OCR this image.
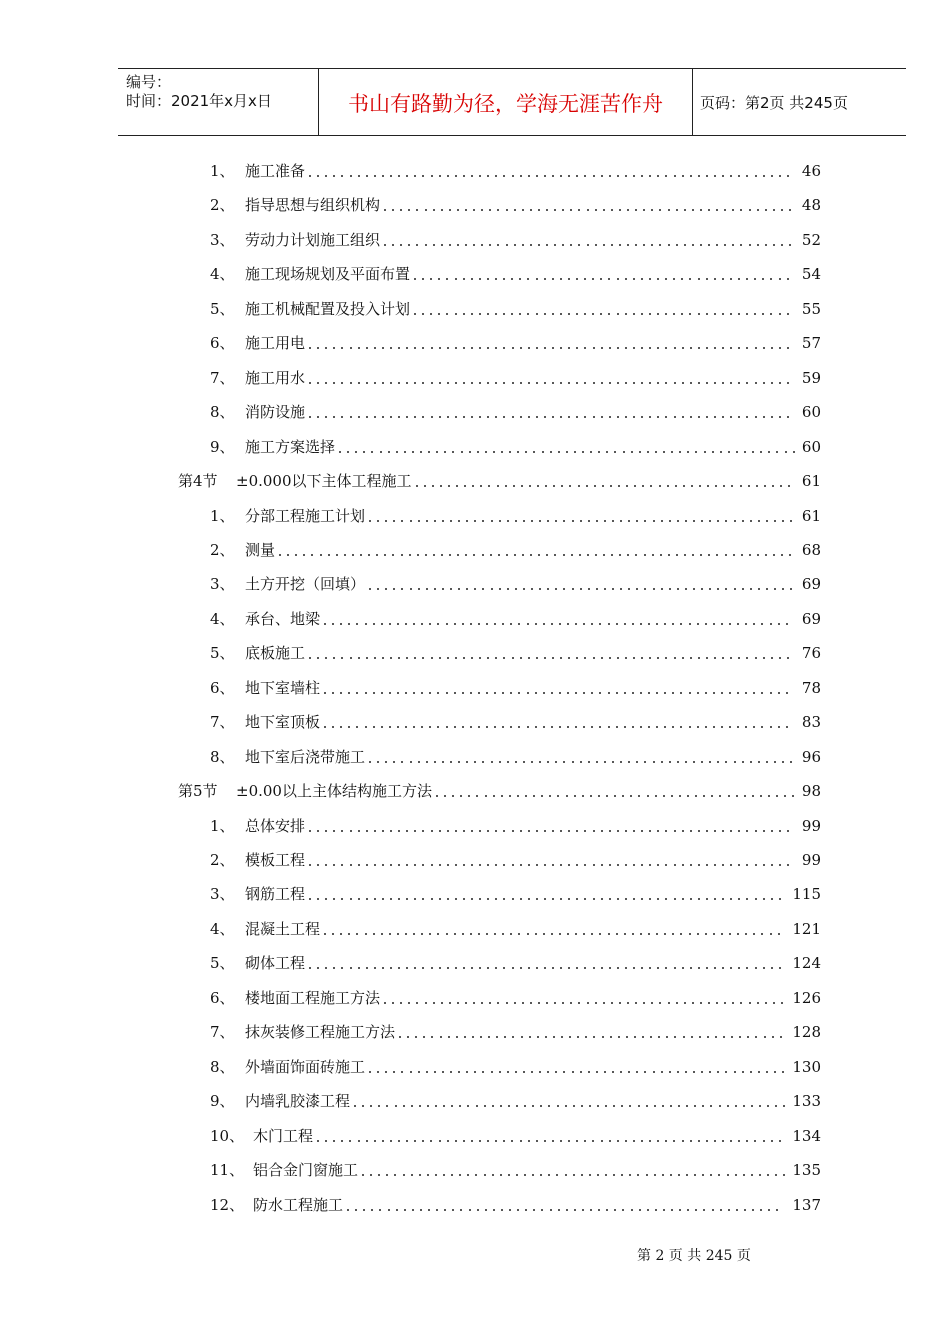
编号：
时间：2021年x月x日	书山有路勤为径，学海无涯苦作舟	页码：第2页 共245页
1、 施工准备	46
2、 指导思想与组织机构	48
3、 劳动力计划施工组织	52
4、 施工现场规划及平面布置	54
5、 施工机械配置及投入计划	55
6、 施工用电	57
7、 施工用水	59
8、 消防设施	60
9、 施工方案选择	60
第4节 ±0.000以下主体工程施工	61
1、 分部工程施工计划	61
2、 测量	68
3、 土方开挖（回填）	69
4、 承台、地梁	69
5、 底板施工	76
6、 地下室墙柱	78
7、 地下室顶板	83
8、 地下室后浇带施工	96
第5节 ±0.00以上主体结构施工方法	98
1、 总体安排	99
2、 模板工程	99
3、 钢筋工程	115
4、 混凝土工程	121
5、 砌体工程	124
6、 楼地面工程施工方法	126
7、 抹灰装修工程施工方法	128
8、 外墙面饰面砖施工	130
9、 内墙乳胶漆工程	133
10、 木门工程	134
11、 铝合金门窗施工	135
12、 防水工程施工	137
第 2 页 共 245 页
